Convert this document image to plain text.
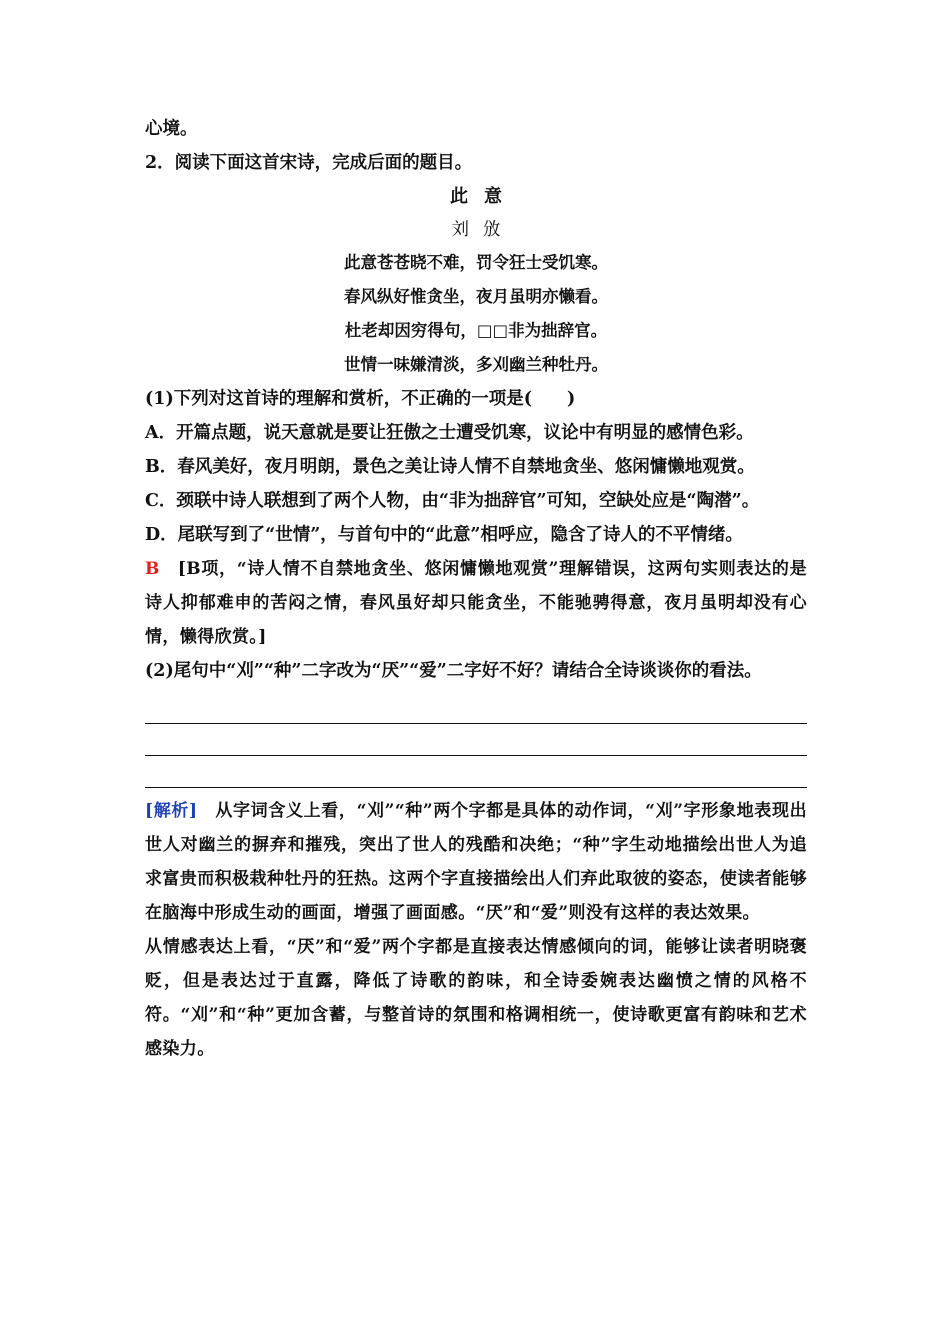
心境。
2．阅读下面这首宋诗，完成后面的题目。
此意
刘攽
此意苍苍晓不难，罚令狂士受饥寒。
春风纵好惟贪坐，夜月虽明亦懒看。
杜老却因穷得句，□□非为拙辞官。
世情一味嫌清淡，多刈幽兰种牡丹。
(1)下列对这首诗的理解和赏析，不正确的一项是(　　)
A．开篇点题，说天意就是要让狂傲之士遭受饥寒，议论中有明显的感情色彩。
B．春风美好，夜月明朗，景色之美让诗人情不自禁地贪坐、悠闲慵懒地观赏。
C．颈联中诗人联想到了两个人物，由“非为拙辞官”可知，空缺处应是“陶潜”。
D．尾联写到了“世情”，与首句中的“此意”相呼应，隐含了诗人的不平情绪。
B　 [B项，“诗人情不自禁地贪坐、悠闲慵懒地观赏”理解错误，这两句实则表达的是诗人抑郁难申的苦闷之情，春风虽好却只能贪坐，不能驰骋得意，夜月虽明却没有心情，懒得欣赏。]
(2)尾句中“刈”“种”二字改为“厌”“爱”二字好不好？请结合全诗谈谈你的看法。
[解析]　 从字词含义上看，“刈”“种”两个字都是具体的动作词，“刈”字形象地表现出世人对幽兰的摒弃和摧残，突出了世人的残酷和决绝；“种”字生动地描绘出世人为追求富贵而积极栽种牡丹的狂热。这两个字直接描绘出人们弃此取彼的姿态，使读者能够在脑海中形成生动的画面，增强了画面感。“厌”和“爱”则没有这样的表达效果。
从情感表达上看，“厌”和“爱”两个字都是直接表达情感倾向的词，能够让读者明晓褒贬，但是表达过于直露，降低了诗歌的韵味，和全诗委婉表达幽愤之情的风格不符。“刈”和“种”更加含蓄，与整首诗的氛围和格调相统一，使诗歌更富有韵味和艺术感染力。
